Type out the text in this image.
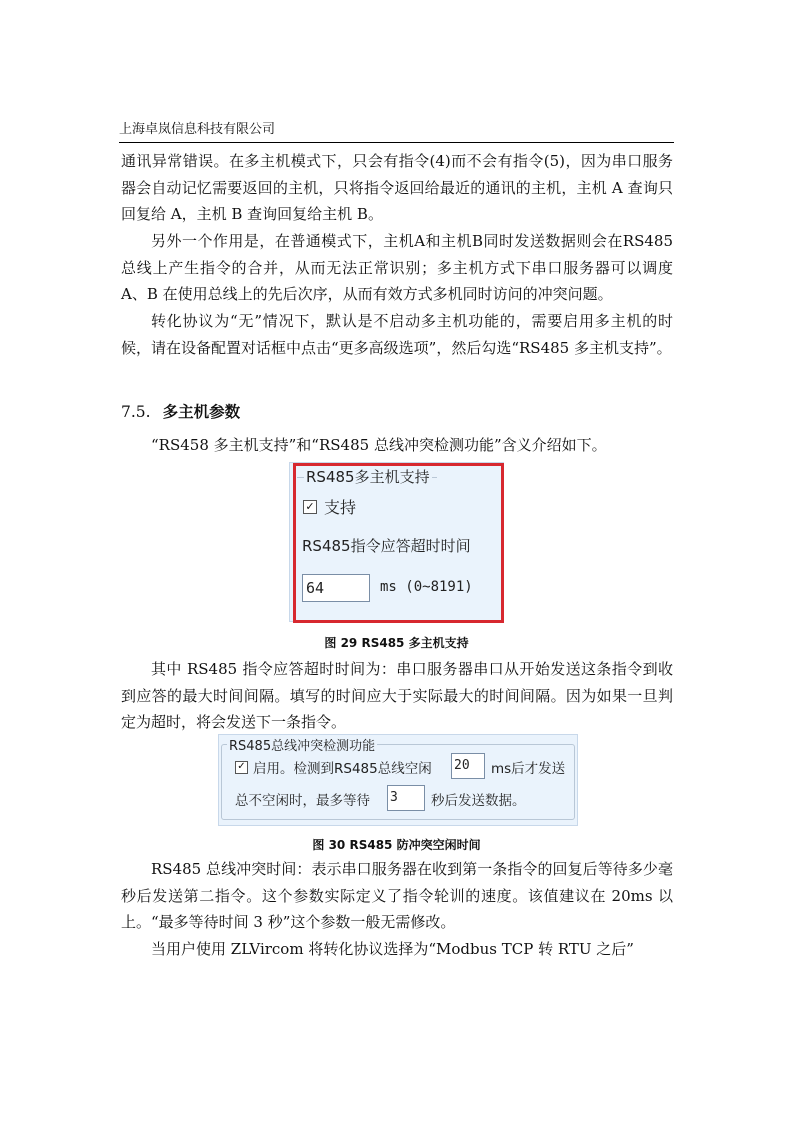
上海卓岚信息科技有限公司

通讯异常错误。在多主机模式下，只会有指令(4)而不会有指令(5)，因为串口服务器会自动记忆需要返回的主机，只将指令返回给最近的通讯的主机，主机 A 查询只回复给 A，主机 B 查询回复给主机 B。

另外一个作用是，在普通模式下，主机A和主机B同时发送数据则会在RS485总线上产生指令的合并，从而无法正常识别；多主机方式下串口服务器可以调度 A、B 在使用总线上的先后次序，从而有效方式多机同时访问的冲突问题。

转化协议为“无”情况下，默认是不启动多主机功能的，需要启用多主机的时候，请在设备配置对话框中点击“更多高级选项”，然后勾选“RS485 多主机支持”。

7.5. 多主机参数

“RS458 多主机支持”和“RS485 总线冲突检测功能”含义介绍如下。

RS485多主机支持
✓ 支持
RS485指令应答超时时间
64	ms (0~8191)

图 29 RS485 多主机支持

其中 RS485 指令应答超时时间为：串口服务器串口从开始发送这条指令到收到应答的最大时间间隔。填写的时间应大于实际最大的时间间隔。因为如果一旦判定为超时，将会发送下一条指令。

RS485总线冲突检测功能
✓ 启用。检测到RS485总线空闲 20	ms后才发送
总不空闲时，最多等待 3	秒后发送数据。

图 30 RS485 防冲突空闲时间

RS485 总线冲突时间：表示串口服务器在收到第一条指令的回复后等待多少毫秒后发送第二指令。这个参数实际定义了指令轮训的速度。该值建议在 20ms 以上。“最多等待时间 3 秒”这个参数一般无需修改。

当用户使用 ZLVircom 将转化协议选择为“Modbus TCP 转 RTU 之后”
